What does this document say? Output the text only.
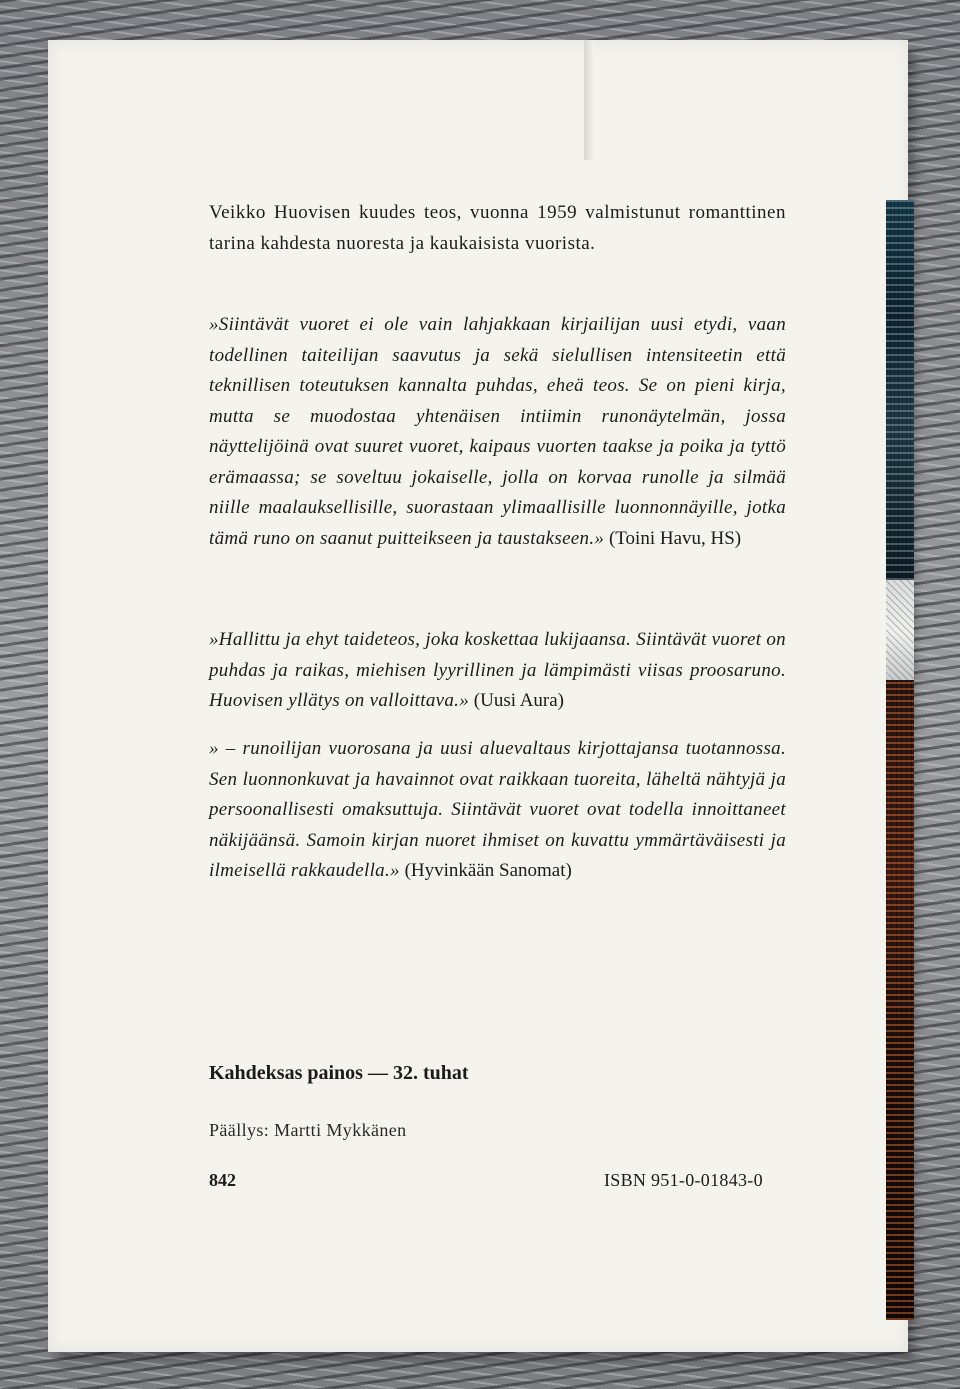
Veikko Huovisen kuudes teos, vuonna 1959 valmistunut romanttinen tarina kahdesta nuoresta ja kaukaisista vuorista.

»Siintävät vuoret ei ole vain lahjakkaan kirjailijan uusi etydi, vaan todellinen taiteilijan saavutus ja sekä sielullisen intensiteetin että teknillisen toteutuksen kannalta puhdas, eheä teos. Se on pieni kirja, mutta se muodostaa yhtenäisen intiimin runonäytelmän, jossa näyttelijöinä ovat suuret vuoret, kaipaus vuorten taakse ja poika ja tyttö erämaassa; se soveltuu jokaiselle, jolla on korvaa runolle ja silmää niille maalauksellisille, suorastaan ylimaallisille luonnonnäyille, jotka tämä runo on saanut puitteikseen ja taustakseen.» (Toini Havu, HS)

»Hallittu ja ehyt taideteos, joka koskettaa lukijaansa. Siintävät vuoret on puhdas ja raikas, miehisen lyyrillinen ja lämpimästi viisas proosaruno. Huovisen yllätys on valloittava.» (Uusi Aura)

» – runoilijan vuorosana ja uusi aluevaltaus kirjottajansa tuotannossa. Sen luonnonkuvat ja havainnot ovat raikkaan tuoreita, läheltä nähtyjä ja persoonallisesti omaksuttuja. Siintävät vuoret ovat todella innoittaneet näkijäänsä. Samoin kirjan nuoret ihmiset on kuvattu ymmärtäväisesti ja ilmeisellä rakkaudella.» (Hyvinkään Sanomat)

Kahdeksas painos — 32. tuhat
Päällys: Martti Mykkänen
842	ISBN 951-0-01843-0
